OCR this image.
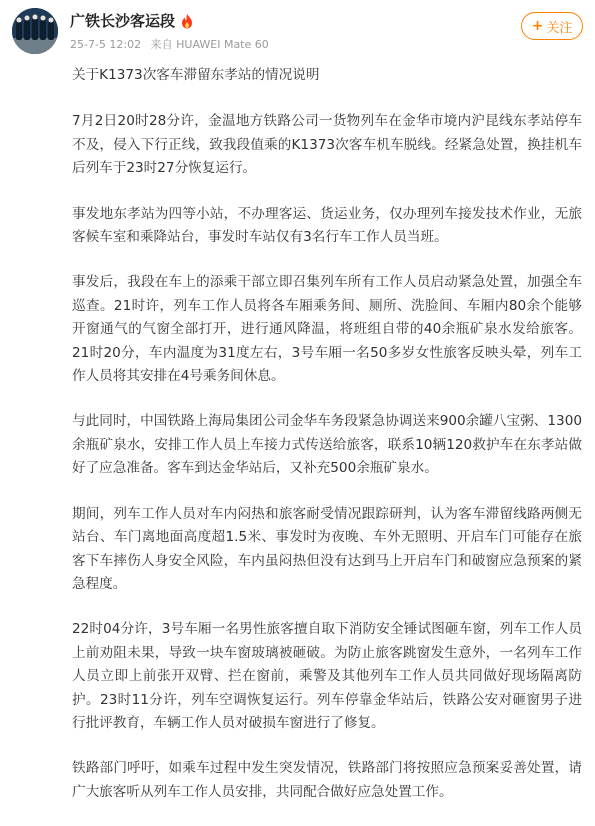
广铁长沙客运段
25-7-5 12:02 来自 HUAWEI Mate 60
+ 关注

关于K1373次客车滞留东孝站的情况说明

7月2日20时28分许，金温地方铁路公司一货物列车在金华市境内沪昆线东孝站停车不及，侵入下行正线，致我段值乘的K1373次客车机车脱线。经紧急处置，换挂机车后列车于23时27分恢复运行。

事发地东孝站为四等小站，不办理客运、货运业务，仅办理列车接发技术作业，无旅客候车室和乘降站台，事发时车站仅有3名行车工作人员当班。

事发后，我段在车上的添乘干部立即召集列车所有工作人员启动紧急处置，加强全车巡查。21时许，列车工作人员将各车厢乘务间、厕所、洗脸间、车厢内80余个能够开窗通气的气窗全部打开，进行通风降温，将班组自带的40余瓶矿泉水发给旅客。21时20分，车内温度为31度左右，3号车厢一名50多岁女性旅客反映头晕，列车工作人员将其安排在4号乘务间休息。

与此同时，中国铁路上海局集团公司金华车务段紧急协调送来900余罐八宝粥、1300余瓶矿泉水，安排工作人员上车接力式传送给旅客，联系10辆120救护车在东孝站做好了应急准备。客车到达金华站后，又补充500余瓶矿泉水。

期间，列车工作人员对车内闷热和旅客耐受情况跟踪研判，认为客车滞留线路两侧无站台、车门离地面高度超1.5米、事发时为夜晚、车外无照明、开启车门可能存在旅客下车摔伤人身安全风险，车内虽闷热但没有达到马上开启车门和破窗应急预案的紧急程度。

22时04分许，3号车厢一名男性旅客擅自取下消防安全锤试图砸车窗，列车工作人员上前劝阻未果，导致一块车窗玻璃被砸破。为防止旅客跳窗发生意外，一名列车工作人员立即上前张开双臂、拦在窗前，乘警及其他列车工作人员共同做好现场隔离防护。23时11分许，列车空调恢复运行。列车停靠金华站后，铁路公安对砸窗男子进行批评教育，车辆工作人员对破损车窗进行了修复。

铁路部门呼吁，如乘车过程中发生突发情况，铁路部门将按照应急预案妥善处置，请广大旅客听从列车工作人员安排，共同配合做好应急处置工作。
